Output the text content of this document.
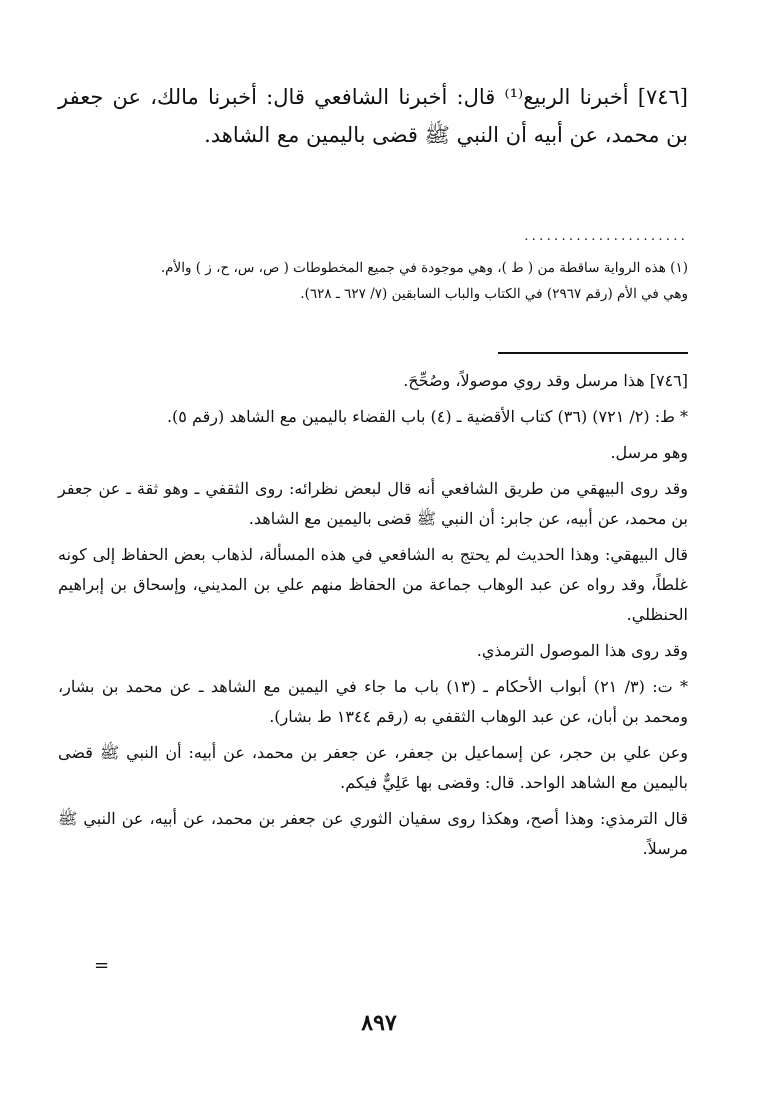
[٧٤٦] أخبرنا الربيع⁽¹⁾ قال: أخبرنا الشافعي قال: أخبرنا مالك، عن جعفر بن محمد، عن أبيه أن النبي ﷺ قضى باليمين مع الشاهد.

......................

(١) هذه الرواية ساقطة من ( ط )، وهي موجودة في جميع المخطوطات ( ص، س، ح، ز ) والأم.

وهي في الأم (رقم ٢٩٦٧) في الكتاب والباب السابقين (٧/ ٦٢٧ ـ ٦٢٨).

[٧٤٦] هذا مرسل وقد روي موصولاً، وصُحِّحَ.

* ط: (٢/ ٧٢١) (٣٦) كتاب الأقضية ـ (٤) باب القضاء باليمين مع الشاهد (رقم ٥).

وهو مرسل.

وقد روى البيهقي من طريق الشافعي أنه قال لبعض نظرائه: روى الثقفي ـ وهو ثقة ـ عن جعفر بن محمد، عن أبيه، عن جابر: أن النبي ﷺ قضى باليمين مع الشاهد.

قال البيهقي: وهذا الحديث لم يحتج به الشافعي في هذه المسألة، لذهاب بعض الحفاظ إلى كونه غلطاً، وقد رواه عن عبد الوهاب جماعة من الحفاظ منهم علي بن المديني، وإسحاق بن إبراهيم الحنظلي.

وقد روى هذا الموصول الترمذي.

* ت: (٣/ ٢١) أبواب الأحكام ـ (١٣) باب ما جاء في اليمين مع الشاهد ـ عن محمد بن بشار، ومحمد بن أبان، عن عبد الوهاب الثقفي به (رقم ١٣٤٤ ط بشار).

وعن علي بن حجر، عن إسماعيل بن جعفر، عن جعفر بن محمد، عن أبيه: أن النبي ﷺ قضى باليمين مع الشاهد الواحد. قال: وقضى بها عَلِيٌّ فيكم.

قال الترمذي: وهذا أصح، وهكذا روى سفيان الثوري عن جعفر بن محمد، عن أبيه، عن النبي ﷺ مرسلاً.

=
٨٩٧
